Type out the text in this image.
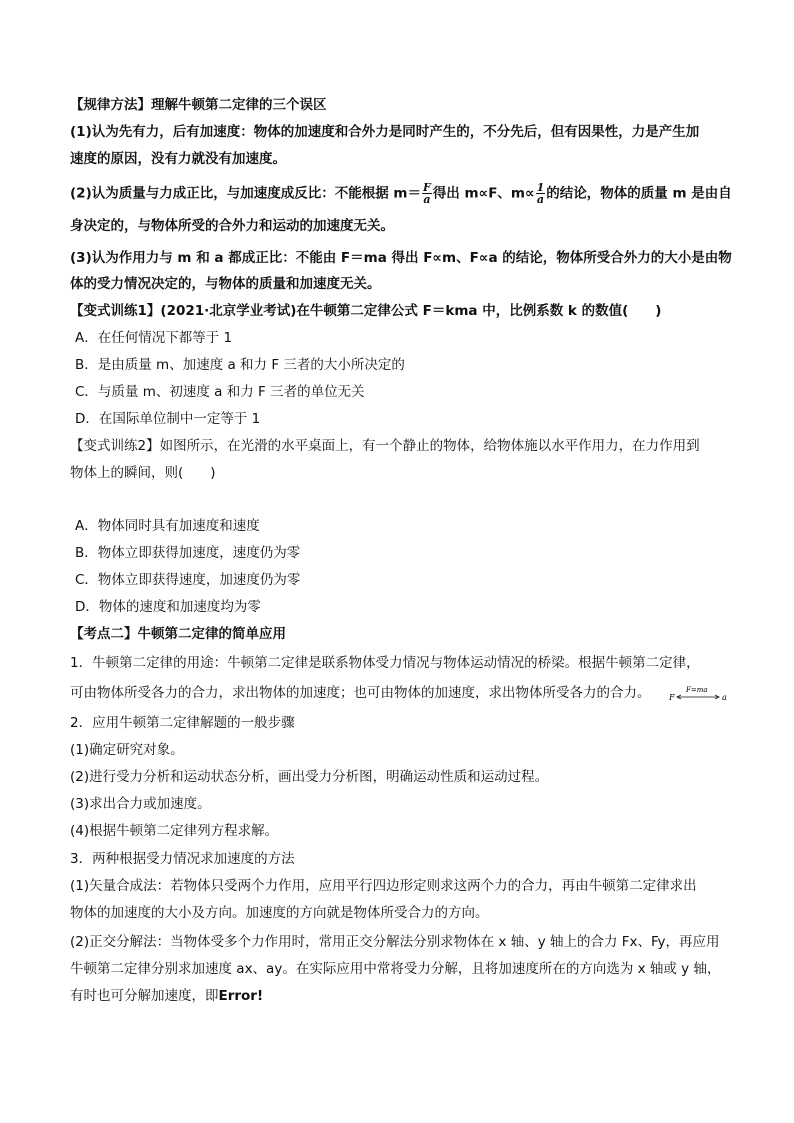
【规律方法】理解牛顿第二定律的三个误区
(1)认为先有力，后有加速度：物体的加速度和合外力是同时产生的，不分先后，但有因果性，力是产生加
速度的原因，没有力就没有加速度。
(2)认为质量与力成正比，与加速度成反比：不能根据 $m= \frac{F}{a}$ 得出 m∝F、$m\propto \frac{1}{a}$ 的结论，物体的质量 m 是由自
身决定的，与物体所受的合外力和运动的加速度无关。
(3)认为作用力与 m 和 a 都成正比：不能由 F＝ma 得出 F∝m、F∝a 的结论，物体所受合外力的大小是由物
体的受力情况决定的，与物体的质量和加速度无关。
【变式训练1】(2021·北京学业考试)在牛顿第二定律公式 F＝kma 中，比例系数 k 的数值(　　)
A．在任何情况下都等于 1
B．是由质量 m、加速度 a 和力 F 三者的大小所决定的
C．与质量 m、初速度 a 和力 F 三者的单位无关
D．在国际单位制中一定等于 1
【变式训练2】如图所示，在光滑的水平桌面上，有一个静止的物体，给物体施以水平作用力，在力作用到
物体上的瞬间，则(　　)
A．物体同时具有加速度和速度
B．物体立即获得加速度，速度仍为零
C．物体立即获得速度，加速度仍为零
D．物体的速度和加速度均为零
【考点二】牛顿第二定律的简单应用
1．牛顿第二定律的用途：牛顿第二定律是联系物体受力情况与物体运动情况的桥梁。根据牛顿第二定律，
可由物体所受各力的合力，求出物体的加速度；也可由物体的加速度，求出物体所受各力的合力。 F
F=ma
a
2．应用牛顿第二定律解题的一般步骤
(1)确定研究对象。
(2)进行受力分析和运动状态分析，画出受力分析图，明确运动性质和运动过程。
(3)求出合力或加速度。
(4)根据牛顿第二定律列方程求解。
3．两种根据受力情况求加速度的方法
(1)矢量合成法：若物体只受两个力作用，应用平行四边形定则求这两个力的合力，再由牛顿第二定律求出
物体的加速度的大小及方向。加速度的方向就是物体所受合力的方向。
(2)正交分解法：当物体受多个力作用时，常用正交分解法分别求物体在 x 轴、y 轴上的合力 Fx、Fy，再应用
牛顿第二定律分别求加速度 ax、ay。在实际应用中常将受力分解，且将加速度所在的方向选为 x 轴或 y 轴，
有时也可分解加速度，即Error!
